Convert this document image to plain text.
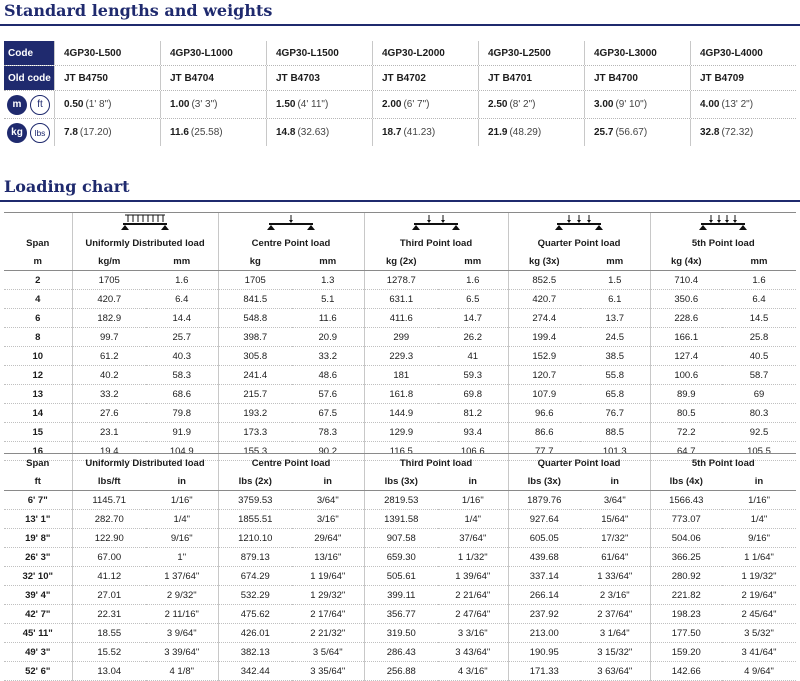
Standard lengths and weights
Code	4GP30-L500	4GP30-L1000	4GP30-L1500	4GP30-L2000	4GP30-L2500	4GP30-L3000	4GP30-L4000
Old code	JT B4750	JT B4704	JT B4703	JT B4702	JT B4701	JT B4700	JT B4709
m	ft	0.50 (1' 8")	1.00 (3' 3")	1.50 (4' 11")	2.00 (6' 7")	2.50 (8' 2")	3.00 (9' 10")	4.00 (13' 2")
kg	lbs	7.8 (17.20)	11.6 (25.58)	14.8 (32.63)	18.7 (41.23)	21.9 (48.29)	25.7 (56.67)	32.8 (72.32)
Loading chart

Span	Uniformly Distributed load		Centre Point load		Third Point load		Quarter Point load		5th Point load	
m	kg/m	mm	kg	mm	kg (2x)	mm	kg (3x)	mm	kg (4x)	mm
2	1705	1.6	1705	1.3	1278.7	1.6	852.5	1.5	710.4	1.6
4	420.7	6.4	841.5	5.1	631.1	6.5	420.7	6.1	350.6	6.4
6	182.9	14.4	548.8	11.6	411.6	14.7	274.4	13.7	228.6	14.5
8	99.7	25.7	398.7	20.9	299	26.2	199.4	24.5	166.1	25.8
10	61.2	40.3	305.8	33.2	229.3	41	152.9	38.5	127.4	40.5
12	40.2	58.3	241.4	48.6	181	59.3	120.7	55.8	100.6	58.7
13	33.2	68.6	215.7	57.6	161.8	69.8	107.9	65.8	89.9	69
14	27.6	79.8	193.2	67.5	144.9	81.2	96.6	76.7	80.5	80.3
15	23.1	91.9	173.3	78.3	129.9	93.4	86.6	88.5	72.2	92.5
16	19.4	104.9	155.3	90.2	116.5	106.6	77.7	101.3	64.7	105.5
Span	Uniformly Distributed load		Centre Point load		Third Point load		Quarter Point load		5th Point load	
ft	lbs/ft	in	lbs (2x)	in	lbs (3x)	in	lbs (3x)	in	lbs (4x)	in
6' 7"	1145.71	1/16"	3759.53	3/64"	2819.53	1/16"	1879.76	3/64"	1566.43	1/16"
13' 1"	282.70	1/4"	1855.51	3/16"	1391.58	1/4"	927.64	15/64"	773.07	1/4"
19' 8"	122.90	9/16"	1210.10	29/64"	907.58	37/64"	605.05	17/32"	504.06	9/16"
26' 3"	67.00	1"	879.13	13/16"	659.30	1 1/32"	439.68	61/64"	366.25	1 1/64"
32' 10"	41.12	1 37/64"	674.29	1 19/64"	505.61	1 39/64"	337.14	1 33/64"	280.92	1 19/32"
39' 4"	27.01	2 9/32"	532.29	1 29/32"	399.11	2 21/64"	266.14	2 3/16"	221.82	2 19/64"
42' 7"	22.31	2 11/16"	475.62	2 17/64"	356.77	2 47/64"	237.92	2 37/64"	198.23	2 45/64"
45' 11"	18.55	3 9/64"	426.01	2 21/32"	319.50	3 3/16"	213.00	3 1/64"	177.50	3 5/32"
49' 3"	15.52	3 39/64"	382.13	3 5/64"	286.43	3 43/64"	190.95	3 15/32"	159.20	3 41/64"
52' 6"	13.04	4 1/8"	342.44	3 35/64"	256.88	4 3/16"	171.33	3 63/64"	142.66	4 9/64"
